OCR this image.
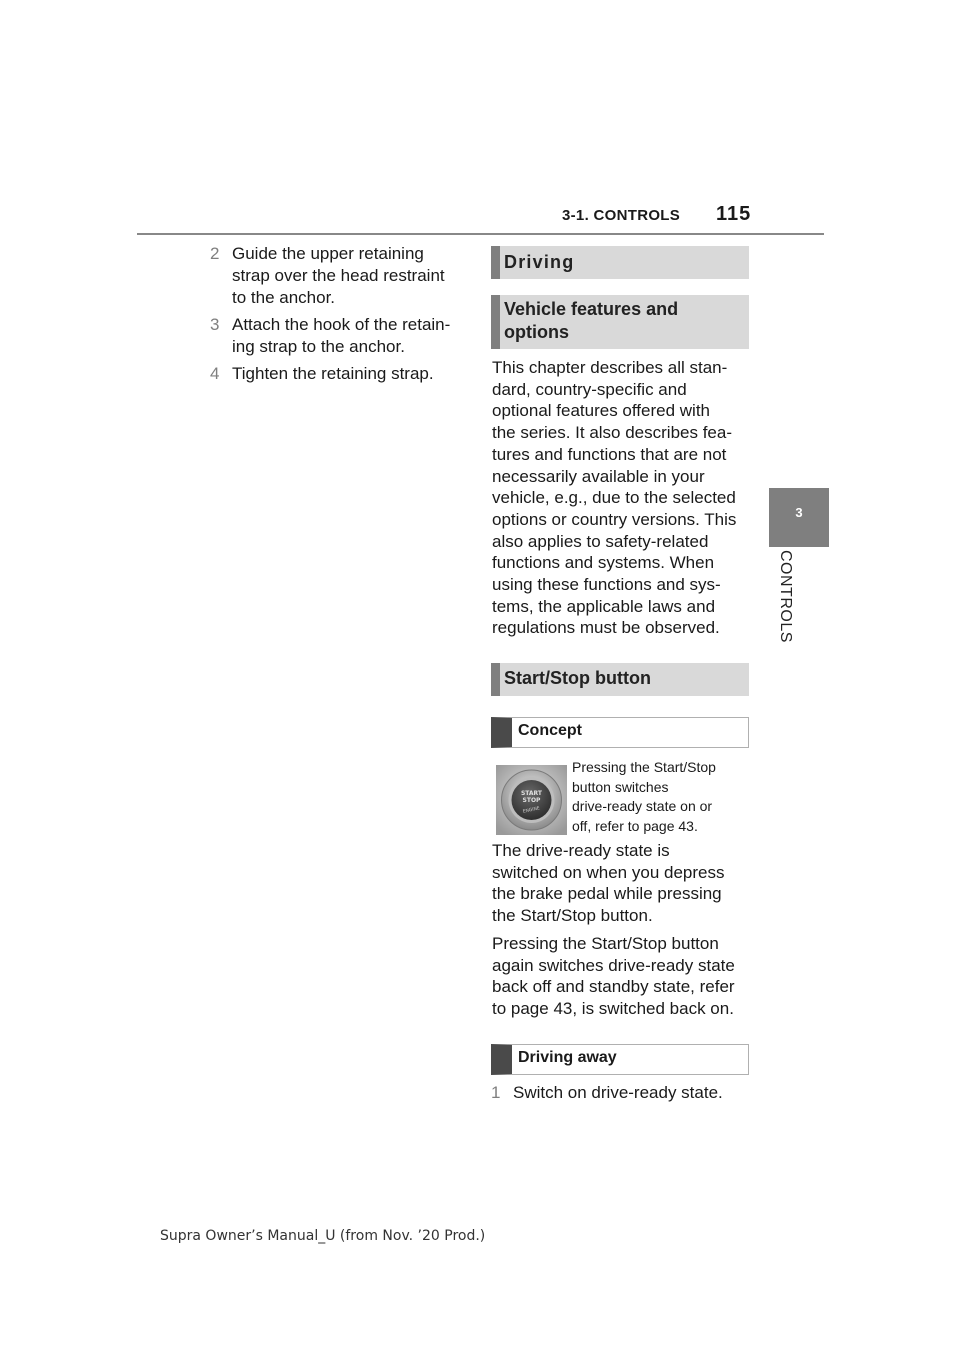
3-1. CONTROLS 115
3
CONTROLS
2 Guide the upper retaining
strap over the head restraint
to the anchor.
3 Attach the hook of the retain-
ing strap to the anchor.
4 Tighten the retaining strap.
Driving
Vehicle features and
options
This chapter describes all stan-
dard, country-specific and
optional features offered with
the series. It also describes fea-
tures and functions that are not
necessarily available in your
vehicle, e.g., due to the selected
options or country versions. This
also applies to safety-related
functions and systems. When
using these functions and sys-
tems, the applicable laws and
regulations must be observed.
Start/Stop button
Concept
START
STOP
ENGINE
Pressing the Start/Stop
button switches
drive-ready state on or
off, refer to page 43.
The drive-ready state is
switched on when you depress
the brake pedal while pressing
the Start/Stop button.
Pressing the Start/Stop button
again switches drive-ready state
back off and standby state, refer
to page 43, is switched back on.
Driving away
1 Switch on drive-ready state.
Supra Owner’s Manual_U (from Nov. ’20 Prod.)
